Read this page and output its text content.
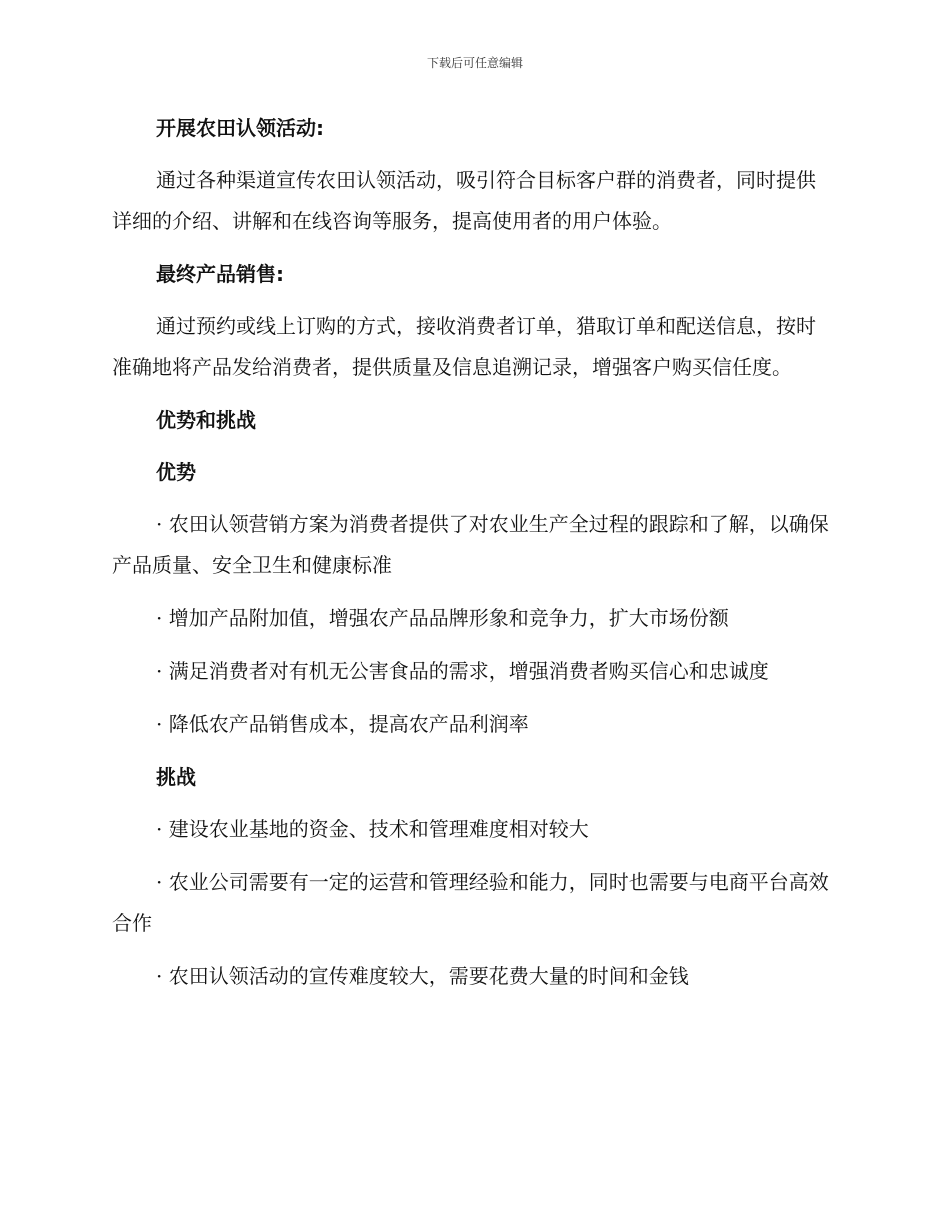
下载后可任意编辑

开展农田认领活动:

通过各种渠道宣传农田认领活动，吸引符合目标客户群的消费者，同时提供详细的介绍、讲解和在线咨询等服务，提高使用者的用户体验。

最终产品销售:

通过预约或线上订购的方式，接收消费者订单，猎取订单和配送信息，按时准确地将产品发给消费者，提供质量及信息追溯记录，增强客户购买信任度。

优势和挑战

优势

· 农田认领营销方案为消费者提供了对农业生产全过程的跟踪和了解，以确保产品质量、安全卫生和健康标准

· 增加产品附加值，增强农产品品牌形象和竞争力，扩大市场份额

· 满足消费者对有机无公害食品的需求，增强消费者购买信心和忠诚度

· 降低农产品销售成本，提高农产品利润率

挑战

· 建设农业基地的资金、技术和管理难度相对较大

· 农业公司需要有一定的运营和管理经验和能力，同时也需要与电商平台高效合作

· 农田认领活动的宣传难度较大，需要花费大量的时间和金钱
